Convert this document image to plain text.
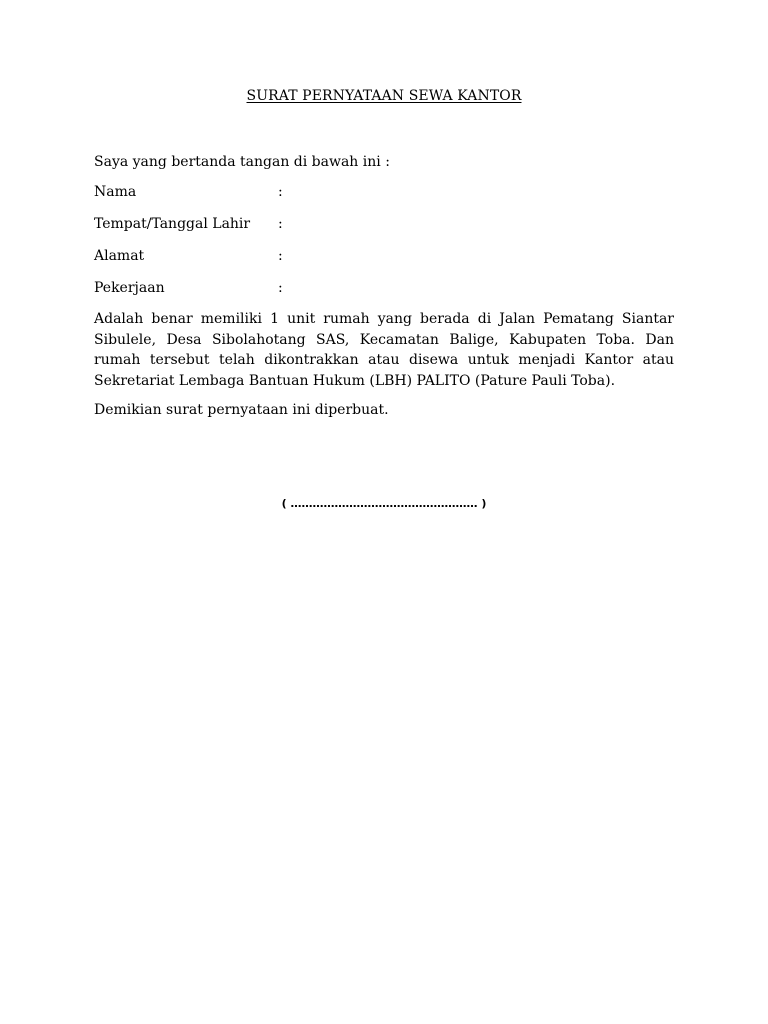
SURAT PERNYATAAN SEWA KANTOR
Saya yang bertanda tangan di bawah ini :
Nama	:
Tempat/Tanggal Lahir :
Alamat	:
Pekerjaan	:
Adalah benar memiliki 1 unit rumah yang berada di Jalan Pematang Siantar Sibulele, Desa Sibolahotang SAS, Kecamatan Balige, Kabupaten Toba. Dan rumah tersebut telah dikontrakkan atau disewa untuk menjadi Kantor atau Sekretariat Lembaga Bantuan Hukum (LBH) PALITO (Pature Pauli Toba).
Demikian surat pernyataan ini diperbuat.
( …………………………………………… )
